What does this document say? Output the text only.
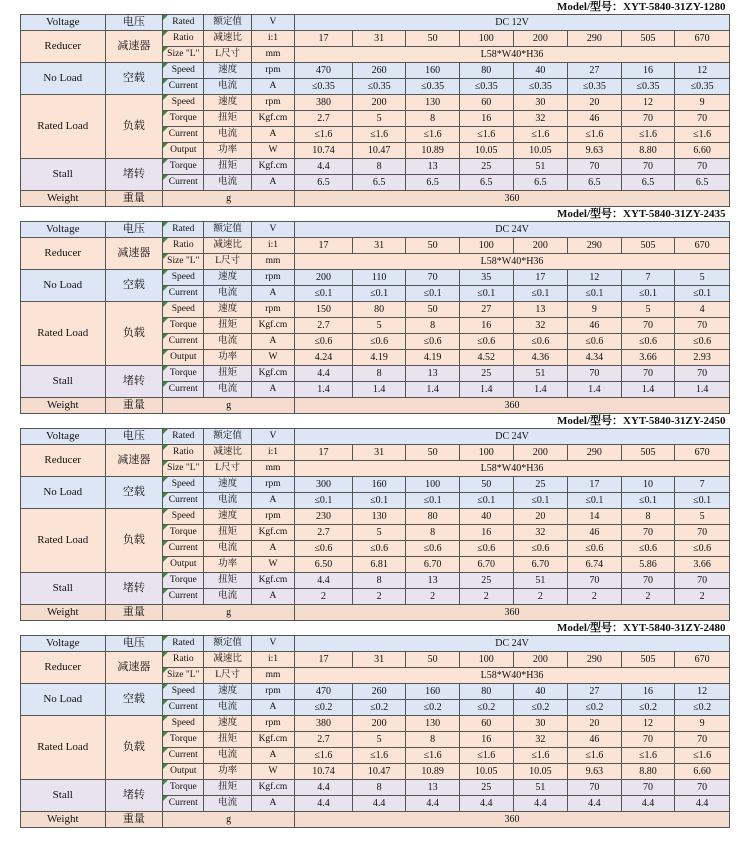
Model/型号：XYT-5840-31ZY-1280												
Voltage	电压	Rated	额定值	V	DC 12V							
Reducer	减速器	Ratio	减速比	i:1	17	31	50	100	200	290	505	670
		Size "L"	L尺寸	mm	L58*W40*H36							
No Load	空载	Speed	速度	rpm	470	260	160	80	40	27	16	12
		Current	电流	A	≤0.35	≤0.35	≤0.35	≤0.35	≤0.35	≤0.35	≤0.35	≤0.35
Rated Load	负载	Speed	速度	rpm	380	200	130	60	30	20	12	9
		Torque	扭矩	Kgf.cm	2.7	5	8	16	32	46	70	70
		Current	电流	A	≤1.6	≤1.6	≤1.6	≤1.6	≤1.6	≤1.6	≤1.6	≤1.6
		Output	功率	W	10.74	10.47	10.89	10.05	10.05	9.63	8.80	6.60
Stall	堵转	Torque	扭矩	Kgf.cm	4.4	8	13	25	51	70	70	70
		Current	电流	A	6.5	6.5	6.5	6.5	6.5	6.5	6.5	6.5
Weight	重量	g			360							
Model/型号：XYT-5840-31ZY-2435												
Voltage	电压	Rated	额定值	V	DC 24V							
Reducer	减速器	Ratio	减速比	i:1	17	31	50	100	200	290	505	670
		Size "L"	L尺寸	mm	L58*W40*H36							
No Load	空载	Speed	速度	rpm	200	110	70	35	17	12	7	5
		Current	电流	A	≤0.1	≤0.1	≤0.1	≤0.1	≤0.1	≤0.1	≤0.1	≤0.1
Rated Load	负载	Speed	速度	rpm	150	80	50	27	13	9	5	4
		Torque	扭矩	Kgf.cm	2.7	5	8	16	32	46	70	70
		Current	电流	A	≤0.6	≤0.6	≤0.6	≤0.6	≤0.6	≤0.6	≤0.6	≤0.6
		Output	功率	W	4.24	4.19	4.19	4.52	4.36	4.34	3.66	2.93
Stall	堵转	Torque	扭矩	Kgf.cm	4.4	8	13	25	51	70	70	70
		Current	电流	A	1.4	1.4	1.4	1.4	1.4	1.4	1.4	1.4
Weight	重量	g			360							
Model/型号：XYT-5840-31ZY-2450												
Voltage	电压	Rated	额定值	V	DC 24V							
Reducer	减速器	Ratio	减速比	i:1	17	31	50	100	200	290	505	670
		Size "L"	L尺寸	mm	L58*W40*H36							
No Load	空载	Speed	速度	rpm	300	160	100	50	25	17	10	7
		Current	电流	A	≤0.1	≤0.1	≤0.1	≤0.1	≤0.1	≤0.1	≤0.1	≤0.1
Rated Load	负载	Speed	速度	rpm	230	130	80	40	20	14	8	5
		Torque	扭矩	Kgf.cm	2.7	5	8	16	32	46	70	70
		Current	电流	A	≤0.6	≤0.6	≤0.6	≤0.6	≤0.6	≤0.6	≤0.6	≤0.6
		Output	功率	W	6.50	6.81	6.70	6.70	6.70	6.74	5.86	3.66
Stall	堵转	Torque	扭矩	Kgf.cm	4.4	8	13	25	51	70	70	70
		Current	电流	A	2	2	2	2	2	2	2	2
Weight	重量	g			360							
Model/型号：XYT-5840-31ZY-2480												
Voltage	电压	Rated	额定值	V	DC 24V							
Reducer	减速器	Ratio	减速比	i:1	17	31	50	100	200	290	505	670
		Size "L"	L尺寸	mm	L58*W40*H36							
No Load	空载	Speed	速度	rpm	470	260	160	80	40	27	16	12
		Current	电流	A	≤0.2	≤0.2	≤0.2	≤0.2	≤0.2	≤0.2	≤0.2	≤0.2
Rated Load	负载	Speed	速度	rpm	380	200	130	60	30	20	12	9
		Torque	扭矩	Kgf.cm	2.7	5	8	16	32	46	70	70
		Current	电流	A	≤1.6	≤1.6	≤1.6	≤1.6	≤1.6	≤1.6	≤1.6	≤1.6
		Output	功率	W	10.74	10.47	10.89	10.05	10.05	9.63	8.80	6.60
Stall	堵转	Torque	扭矩	Kgf.cm	4.4	8	13	25	51	70	70	70
		Current	电流	A	4.4	4.4	4.4	4.4	4.4	4.4	4.4	4.4
Weight	重量	g			360							
